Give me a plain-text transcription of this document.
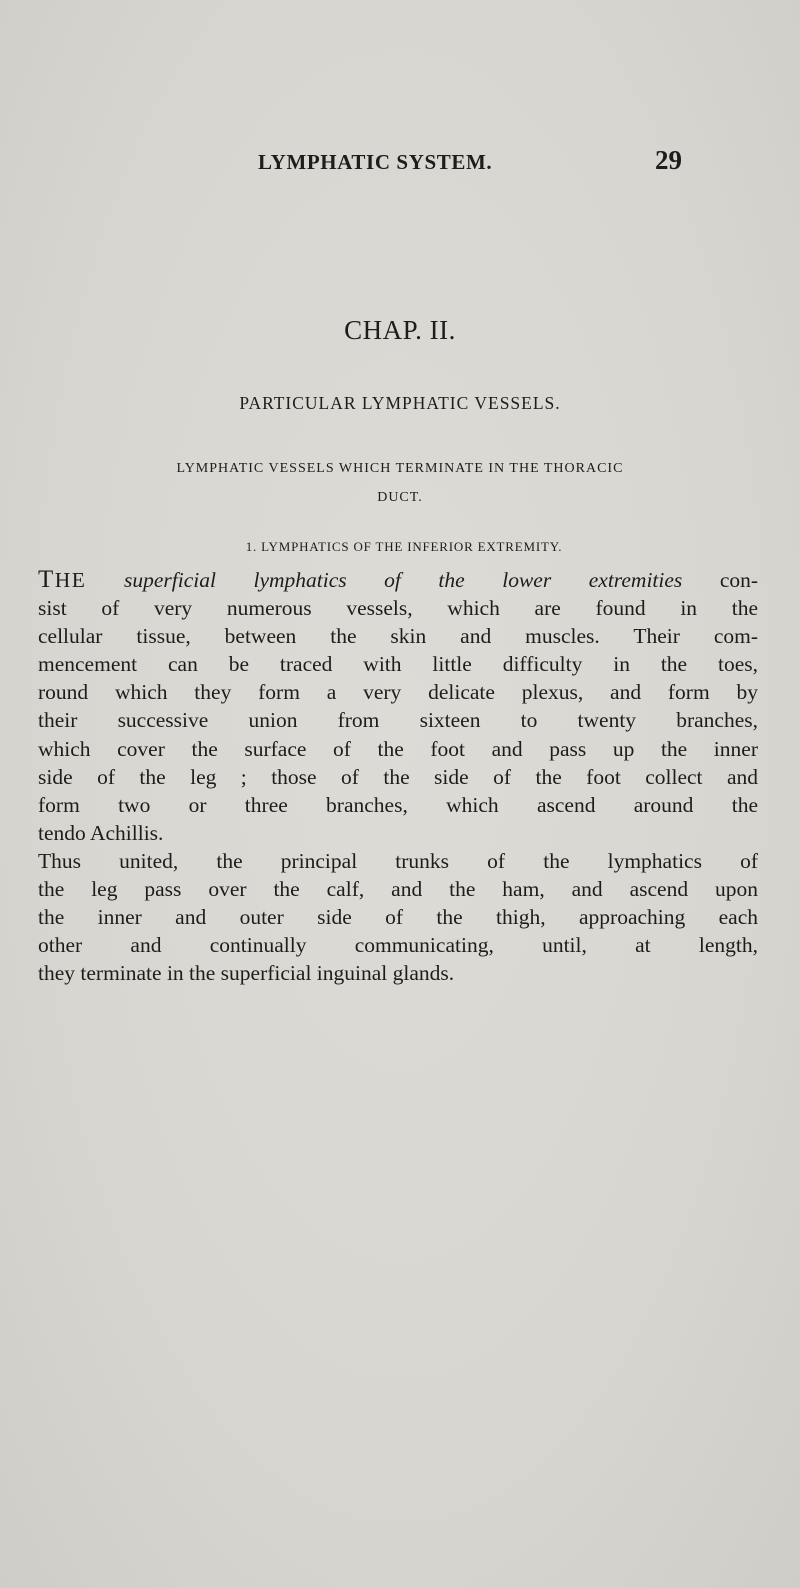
LYMPHATIC SYSTEM.	29
CHAP. II.
PARTICULAR LYMPHATIC VESSELS.
LYMPHATIC VESSELS WHICH TERMINATE IN THE THORACIC
DUCT.
1. LYMPHATICS OF THE INFERIOR EXTREMITY.
THE superficial lymphatics of the lower extremities con-
sist of very numerous vessels, which are found in the
cellular tissue, between the skin and muscles. Their com-
mencement can be traced with little difficulty in the toes,
round which they form a very delicate plexus, and form by
their successive union from sixteen to twenty branches,
which cover the surface of the foot and pass up the inner
side of the leg ; those of the side of the foot collect and
form two or three branches, which ascend around the
tendo Achillis.
Thus united, the principal trunks of the lymphatics of
the leg pass over the calf, and the ham, and ascend upon
the inner and outer side of the thigh, approaching each
other and continually communicating, until, at length,
they terminate in the superficial inguinal glands.
